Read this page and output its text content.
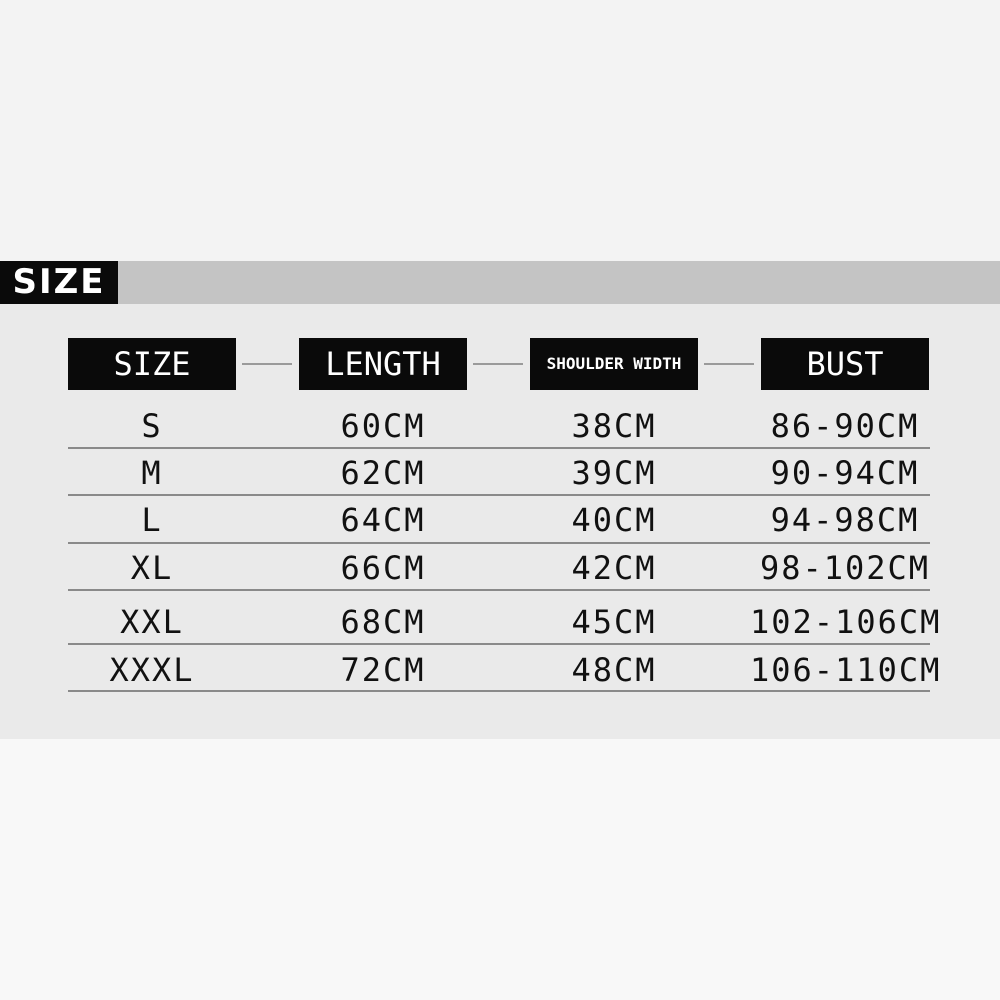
SIZE
SIZE	LENGTH	SHOULDER WIDTH	BUST
S	60CM	38CM	86-90CM
M	62CM	39CM	90-94CM
L	64CM	40CM	94-98CM
XL	66CM	42CM	98-102CM
XXL	68CM	45CM	102-106CM
XXXL	72CM	48CM	106-110CM
